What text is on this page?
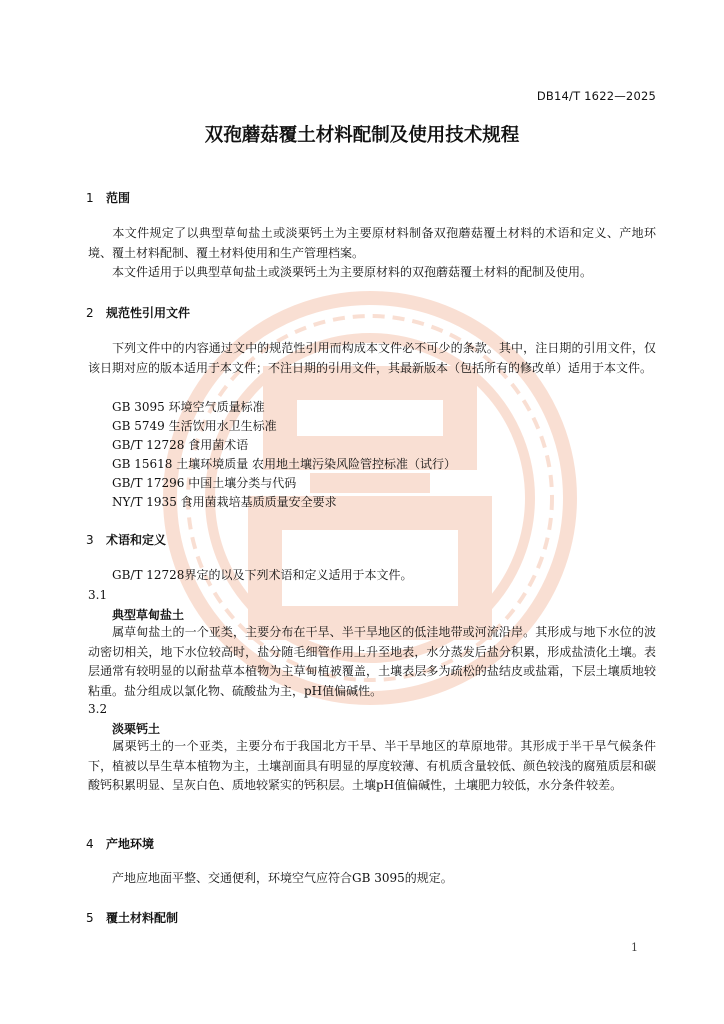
DB14/T 1622—2025
双孢蘑菇覆土材料配制及使用技术规程
1 范围
本文件规定了以典型草甸盐土或淡栗钙土为主要原材料制备双孢蘑菇覆土材料的术语和定义、产地环境、覆土材料配制、覆土材料使用和生产管理档案。
本文件适用于以典型草甸盐土或淡栗钙土为主要原材料的双孢蘑菇覆土材料的配制及使用。
2 规范性引用文件
下列文件中的内容通过文中的规范性引用而构成本文件必不可少的条款。其中，注日期的引用文件，仅该日期对应的版本适用于本文件；不注日期的引用文件，其最新版本（包括所有的修改单）适用于本文件。
GB 3095 环境空气质量标准
GB 5749 生活饮用水卫生标准
GB/T 12728 食用菌术语
GB 15618 土壤环境质量 农用地土壤污染风险管控标准（试行）
GB/T 17296 中国土壤分类与代码
NY/T 1935 食用菌栽培基质质量安全要求
3 术语和定义
GB/T 12728界定的以及下列术语和定义适用于本文件。
3.1
典型草甸盐土
属草甸盐土的一个亚类，主要分布在干旱、半干旱地区的低洼地带或河流沿岸。其形成与地下水位的波动密切相关，地下水位较高时，盐分随毛细管作用上升至地表，水分蒸发后盐分积累，形成盐渍化土壤。表层通常有较明显的以耐盐草本植物为主草甸植被覆盖，土壤表层多为疏松的盐结皮或盐霜，下层土壤质地较粘重。盐分组成以氯化物、硫酸盐为主，pH值偏碱性。
3.2
淡栗钙土
属栗钙土的一个亚类，主要分布于我国北方干旱、半干旱地区的草原地带。其形成于半干旱气候条件下，植被以旱生草本植物为主，土壤剖面具有明显的厚度较薄、有机质含量较低、颜色较浅的腐殖质层和碳酸钙积累明显、呈灰白色、质地较紧实的钙积层。土壤pH值偏碱性，土壤肥力较低，水分条件较差。
4 产地环境
产地应地面平整、交通便利，环境空气应符合GB 3095的规定。
5 覆土材料配制
1
